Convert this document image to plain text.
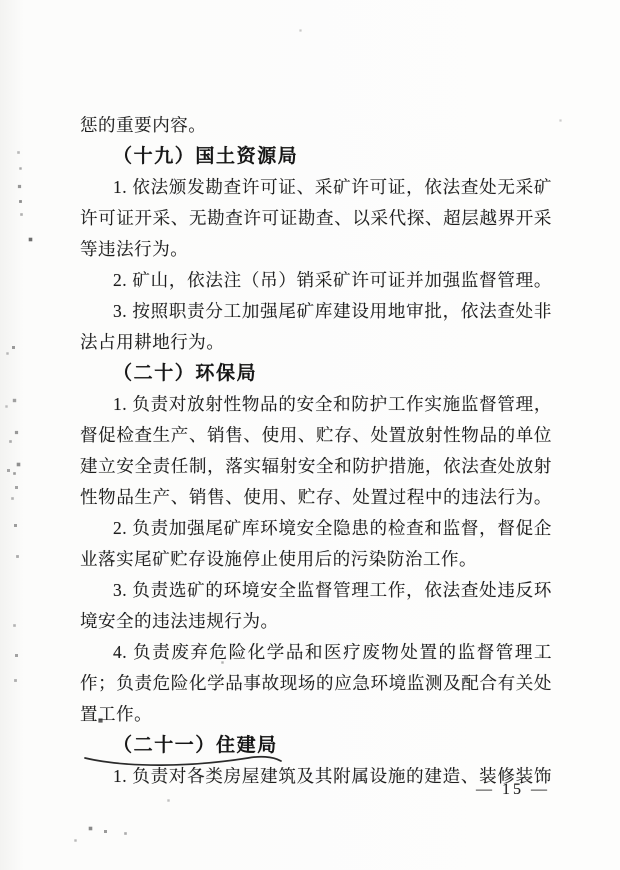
惩的重要内容。
（十九）国土资源局
1. 依法颁发勘查许可证、采矿许可证，依法查处无采矿
许可证开采、无勘查许可证勘查、以采代探、超层越界开采
等违法行为。
2. 矿山，依法注（吊）销采矿许可证并加强监督管理。
3. 按照职责分工加强尾矿库建设用地审批，依法查处非
法占用耕地行为。
（二十）环保局
1. 负责对放射性物品的安全和防护工作实施监督管理，
督促检查生产、销售、使用、贮存、处置放射性物品的单位
建立安全责任制，落实辐射安全和防护措施，依法查处放射
性物品生产、销售、使用、贮存、处置过程中的违法行为。
2. 负责加强尾矿库环境安全隐患的检查和监督，督促企
业落实尾矿贮存设施停止使用后的污染防治工作。
3. 负责选矿的环境安全监督管理工作，依法查处违反环
境安全的违法违规行为。
4. 负责废弃危险化学品和医疗废物处置的监督管理工
作；负责危险化学品事故现场的应急环境监测及配合有关处
置工作。
（二十一）住建局
1. 负责对各类房屋建筑及其附属设施的建造、装修装饰
— 15 —
